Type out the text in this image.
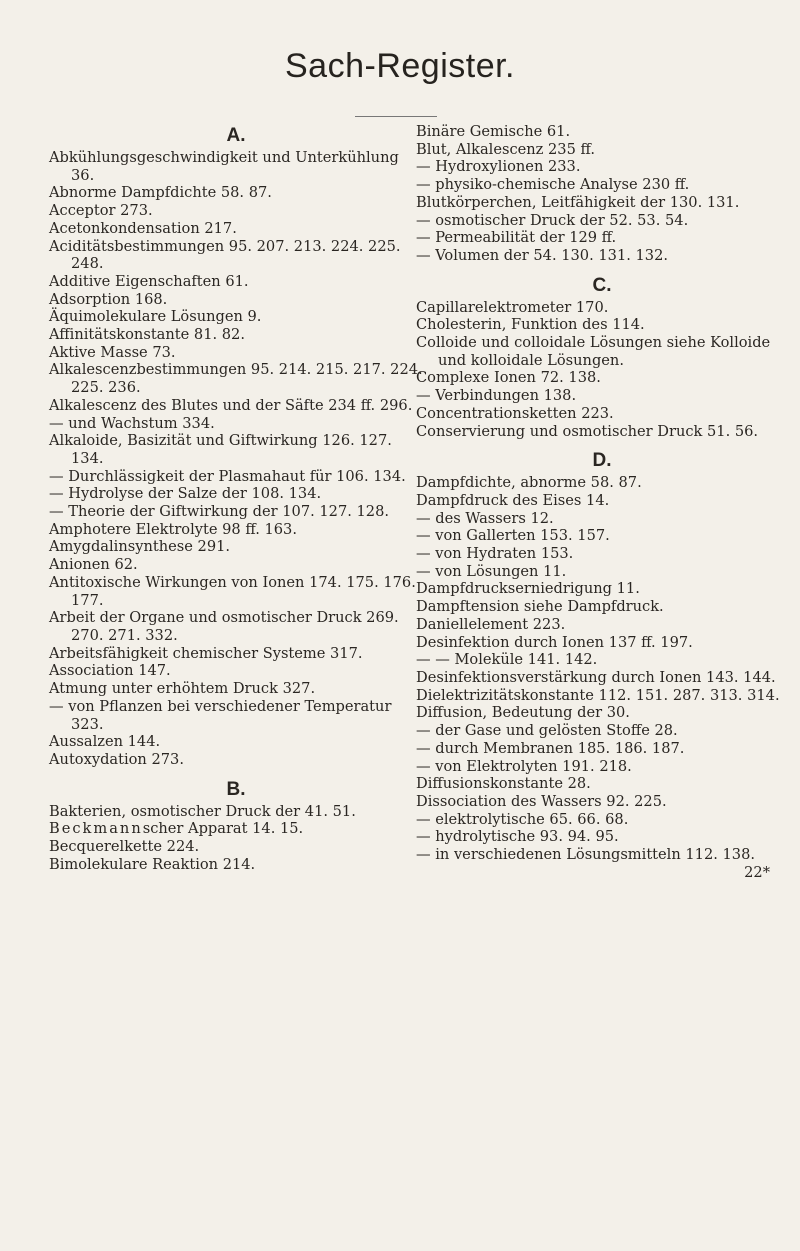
Sach-Register.
A.
Abkühlungsgeschwindigkeit und Unterkühlung 36.
Abnorme Dampfdichte 58. 87.
Acceptor 273.
Acetonkondensation 217.
Aciditätsbestimmungen 95. 207. 213. 224. 225. 248.
Additive Eigenschaften 61.
Adsorption 168.
Äquimolekulare Lösungen 9.
Affinitätskonstante 81. 82.
Aktive Masse 73.
Alkalescenzbestimmungen 95. 214. 215. 217. 224. 225. 236.
Alkalescenz des Blutes und der Säfte 234 ff. 296.
— und Wachstum 334.
Alkaloide, Basizität und Giftwirkung 126. 127. 134.
— Durchlässigkeit der Plasmahaut für 106. 134.
— Hydrolyse der Salze der 108. 134.
— Theorie der Giftwirkung der 107. 127. 128.
Amphotere Elektrolyte 98 ff. 163.
Amygdalinsynthese 291.
Anionen 62.
Antitoxische Wirkungen von Ionen 174. 175. 176. 177.
Arbeit der Organe und osmotischer Druck 269. 270. 271. 332.
Arbeitsfähigkeit chemischer Systeme 317.
Association 147.
Atmung unter erhöhtem Druck 327.
— von Pflanzen bei verschiedener Temperatur 323.
Aussalzen 144.
Autoxydation 273.
B.
Bakterien, osmotischer Druck der 41. 51.
Beckmannscher Apparat 14. 15.
Becquerelkette 224.
Bimolekulare Reaktion 214.
Binäre Gemische 61.
Blut, Alkalescenz 235 ff.
— Hydroxylionen 233.
— physiko-chemische Analyse 230 ff.
Blutkörperchen, Leitfähigkeit der 130. 131.
— osmotischer Druck der 52. 53. 54.
— Permeabilität der 129 ff.
— Volumen der 54. 130. 131. 132.
C.
Capillarelektrometer 170.
Cholesterin, Funktion des 114.
Colloide und colloidale Lösungen siehe Kolloide und kolloidale Lösungen.
Complexe Ionen 72. 138.
— Verbindungen 138.
Concentrationsketten 223.
Conservierung und osmotischer Druck 51. 56.
D.
Dampfdichte, abnorme 58. 87.
Dampfdruck des Eises 14.
— des Wassers 12.
— von Gallerten 153. 157.
— von Hydraten 153.
— von Lösungen 11.
Dampfdruckserniedrigung 11.
Dampftension siehe Dampfdruck.
Daniellelement 223.
Desinfektion durch Ionen 137 ff. 197.
— — Moleküle 141. 142.
Desinfektionsverstärkung durch Ionen 143. 144.
Dielektrizitätskonstante 112. 151. 287. 313. 314.
Diffusion, Bedeutung der 30.
— der Gase und gelösten Stoffe 28.
— durch Membranen 185. 186. 187.
— von Elektrolyten 191. 218.
Diffusionskonstante 28.
Dissociation des Wassers 92. 225.
— elektrolytische 65. 66. 68.
— hydrolytische 93. 94. 95.
— in verschiedenen Lösungsmitteln 112. 138.
22*
